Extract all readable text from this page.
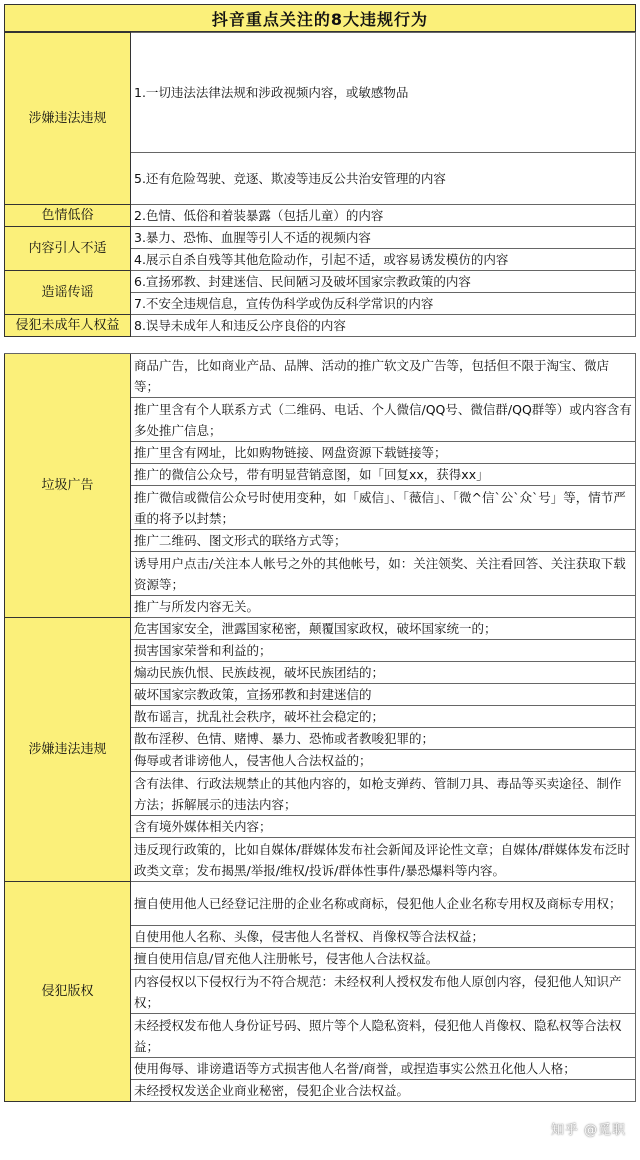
抖音重点关注的8大违规行为
涉嫌违法违规	1.一切违法法律法规和涉政视频内容，或敏感物品
	5.还有危险驾驶、竞逐、欺凌等违反公共治安管理的内容
色情低俗	2.色情、低俗和着装暴露（包括儿童）的内容
内容引人不适	3.暴力、恐怖、血腥等引人不适的视频内容
	4.展示自杀自残等其他危险动作，引起不适，或容易诱发模仿的内容
造谣传谣	6.宣扬邪教、封建迷信、民间陋习及破坏国家宗教政策的内容
	7.不安全违规信息，宣传伪科学或伪反科学常识的内容
侵犯未成年人权益	8.误导未成年人和违反公序良俗的内容

垃圾广告	商品广告，比如商业产品、品牌、活动的推广软文及广告等，包括但不限于淘宝、微店等；
	推广里含有个人联系方式（二维码、电话、个人微信/QQ号、微信群/QQ群等）或内容含有多处推广信息；
	推广里含有网址，比如购物链接、网盘资源下载链接等；
	推广的微信公众号，带有明显营销意图，如「回复xx，获得xx」
	推广微信或微信公众号时使用变种，如「威信」、「薇信」、「微^信`公`众`号」等，情节严重的将予以封禁；
	推广二维码、图文形式的联络方式等；
	诱导用户点击/关注本人帐号之外的其他帐号，如：关注领奖、关注看回答、关注获取下载资源等；
	推广与所发内容无关。
涉嫌违法违规	危害国家安全，泄露国家秘密，颠覆国家政权，破坏国家统一的；
	损害国家荣誉和利益的；
	煽动民族仇恨、民族歧视，破坏民族团结的；
	破坏国家宗教政策，宣扬邪教和封建迷信的
	散布谣言，扰乱社会秩序，破坏社会稳定的；
	散布淫秽、色情、赌博、暴力、恐怖或者教唆犯罪的；
	侮辱或者诽谤他人，侵害他人合法权益的；
	含有法律、行政法规禁止的其他内容的，如枪支弹药、管制刀具、毒品等买卖途径、制作方法；拆解展示的违法内容；
	含有境外媒体相关内容；
	违反现行政策的，比如自媒体/群媒体发布社会新闻及评论性文章；自媒体/群媒体发布泛时政类文章；发布揭黑/举报/维权/投诉/群体性事件/暴恐爆料等内容。
侵犯版权	擅自使用他人已经登记注册的企业名称或商标，侵犯他人企业名称专用权及商标专用权；
	自使用他人名称、头像，侵害他人名誉权、肖像权等合法权益；
	擅自使用信息/冒充他人注册帐号，侵害他人合法权益。
	内容侵权以下侵权行为不符合规范：未经权利人授权发布他人原创内容，侵犯他人知识产权；
	未经授权发布他人身份证号码、照片等个人隐私资料，侵犯他人肖像权、隐私权等合法权益；
	使用侮辱、诽谤遣语等方式损害他人名誉/商誉，或捏造事实公然丑化他人人格；
	未经授权发送企业商业秘密，侵犯企业合法权益。
知乎 @觅职
